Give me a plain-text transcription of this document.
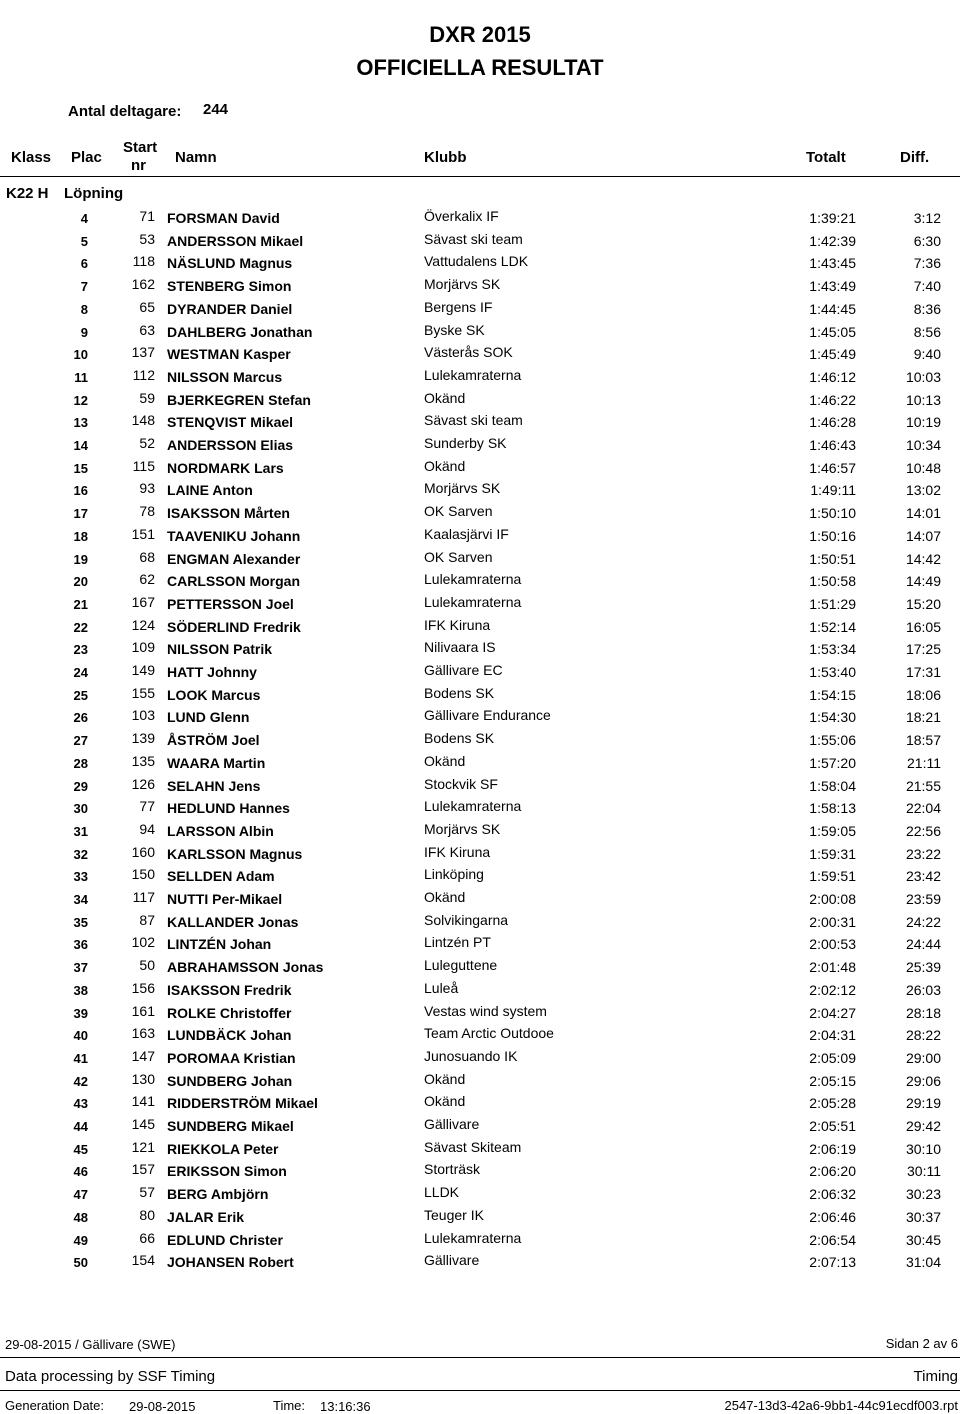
DXR 2015
OFFICIELLA RESULTAT
Antal deltagare: 244
Klass Plac
Start
nr Namn	Klubb	Totalt	Diff.
K22 H Löpning
4	71 FORSMAN David	Överkalix IF	1:39:21	3:12
5	53 ANDERSSON Mikael	Sävast ski team	1:42:39	6:30
6	118 NÄSLUND Magnus	Vattudalens LDK	1:43:45	7:36
7	162 STENBERG Simon	Morjärvs SK	1:43:49	7:40
8	65 DYRANDER Daniel	Bergens IF	1:44:45	8:36
9	63 DAHLBERG Jonathan	Byske SK	1:45:05	8:56
10	137 WESTMAN Kasper	Västerås SOK	1:45:49	9:40
11	112 NILSSON Marcus	Lulekamraterna	1:46:12	10:03
12	59 BJERKEGREN Stefan	Okänd	1:46:22	10:13
13	148 STENQVIST Mikael	Sävast ski team	1:46:28	10:19
14	52 ANDERSSON Elias	Sunderby SK	1:46:43	10:34
15	115 NORDMARK Lars	Okänd	1:46:57	10:48
16	93 LAINE Anton	Morjärvs SK	1:49:11	13:02
17	78 ISAKSSON Mårten	OK Sarven	1:50:10	14:01
18	151 TAAVENIKU Johann	Kaalasjärvi IF	1:50:16	14:07
19	68 ENGMAN Alexander	OK Sarven	1:50:51	14:42
20	62 CARLSSON Morgan	Lulekamraterna	1:50:58	14:49
21	167 PETTERSSON Joel	Lulekamraterna	1:51:29	15:20
22	124 SÖDERLIND Fredrik	IFK Kiruna	1:52:14	16:05
23	109 NILSSON Patrik	Nilivaara IS	1:53:34	17:25
24	149 HATT Johnny	Gällivare EC	1:53:40	17:31
25	155 LOOK Marcus	Bodens SK	1:54:15	18:06
26	103 LUND Glenn	Gällivare Endurance	1:54:30	18:21
27	139 ÅSTRÖM Joel	Bodens SK	1:55:06	18:57
28	135 WAARA Martin	Okänd	1:57:20	21:11
29	126 SELAHN Jens	Stockvik SF	1:58:04	21:55
30	77 HEDLUND Hannes	Lulekamraterna	1:58:13	22:04
31	94 LARSSON Albin	Morjärvs SK	1:59:05	22:56
32	160 KARLSSON Magnus	IFK Kiruna	1:59:31	23:22
33	150 SELLDEN Adam	Linköping	1:59:51	23:42
34	117 NUTTI Per-Mikael	Okänd	2:00:08	23:59
35	87 KALLANDER Jonas	Solvikingarna	2:00:31	24:22
36	102 LINTZÉN Johan	Lintzén PT	2:00:53	24:44
37	50 ABRAHAMSSON Jonas	Luleguttene	2:01:48	25:39
38	156 ISAKSSON Fredrik	Luleå	2:02:12	26:03
39	161 ROLKE Christoffer	Vestas wind system	2:04:27	28:18
40	163 LUNDBÄCK Johan	Team Arctic Outdooe	2:04:31	28:22
41	147 POROMAA Kristian	Junosuando IK	2:05:09	29:00
42	130 SUNDBERG Johan	Okänd	2:05:15	29:06
43	141 RIDDERSTRÖM Mikael	Okänd	2:05:28	29:19
44	145 SUNDBERG Mikael	Gällivare	2:05:51	29:42
45	121 RIEKKOLA Peter	Sävast Skiteam	2:06:19	30:10
46	157 ERIKSSON Simon	Storträsk	2:06:20	30:11
47	57 BERG Ambjörn	LLDK	2:06:32	30:23
48	80 JALAR Erik	Teuger IK	2:06:46	30:37
49	66 EDLUND Christer	Lulekamraterna	2:06:54	30:45
50	154 JOHANSEN Robert	Gällivare	2:07:13	31:04
29-08-2015 / Gällivare (SWE)	Sidan 2 av 6
Data processing by SSF Timing	Timing
Generation Date: 29-08-2015	Time: 13:16:36	2547-13d3-42a6-9bb1-44c91ecdf003.rpt
